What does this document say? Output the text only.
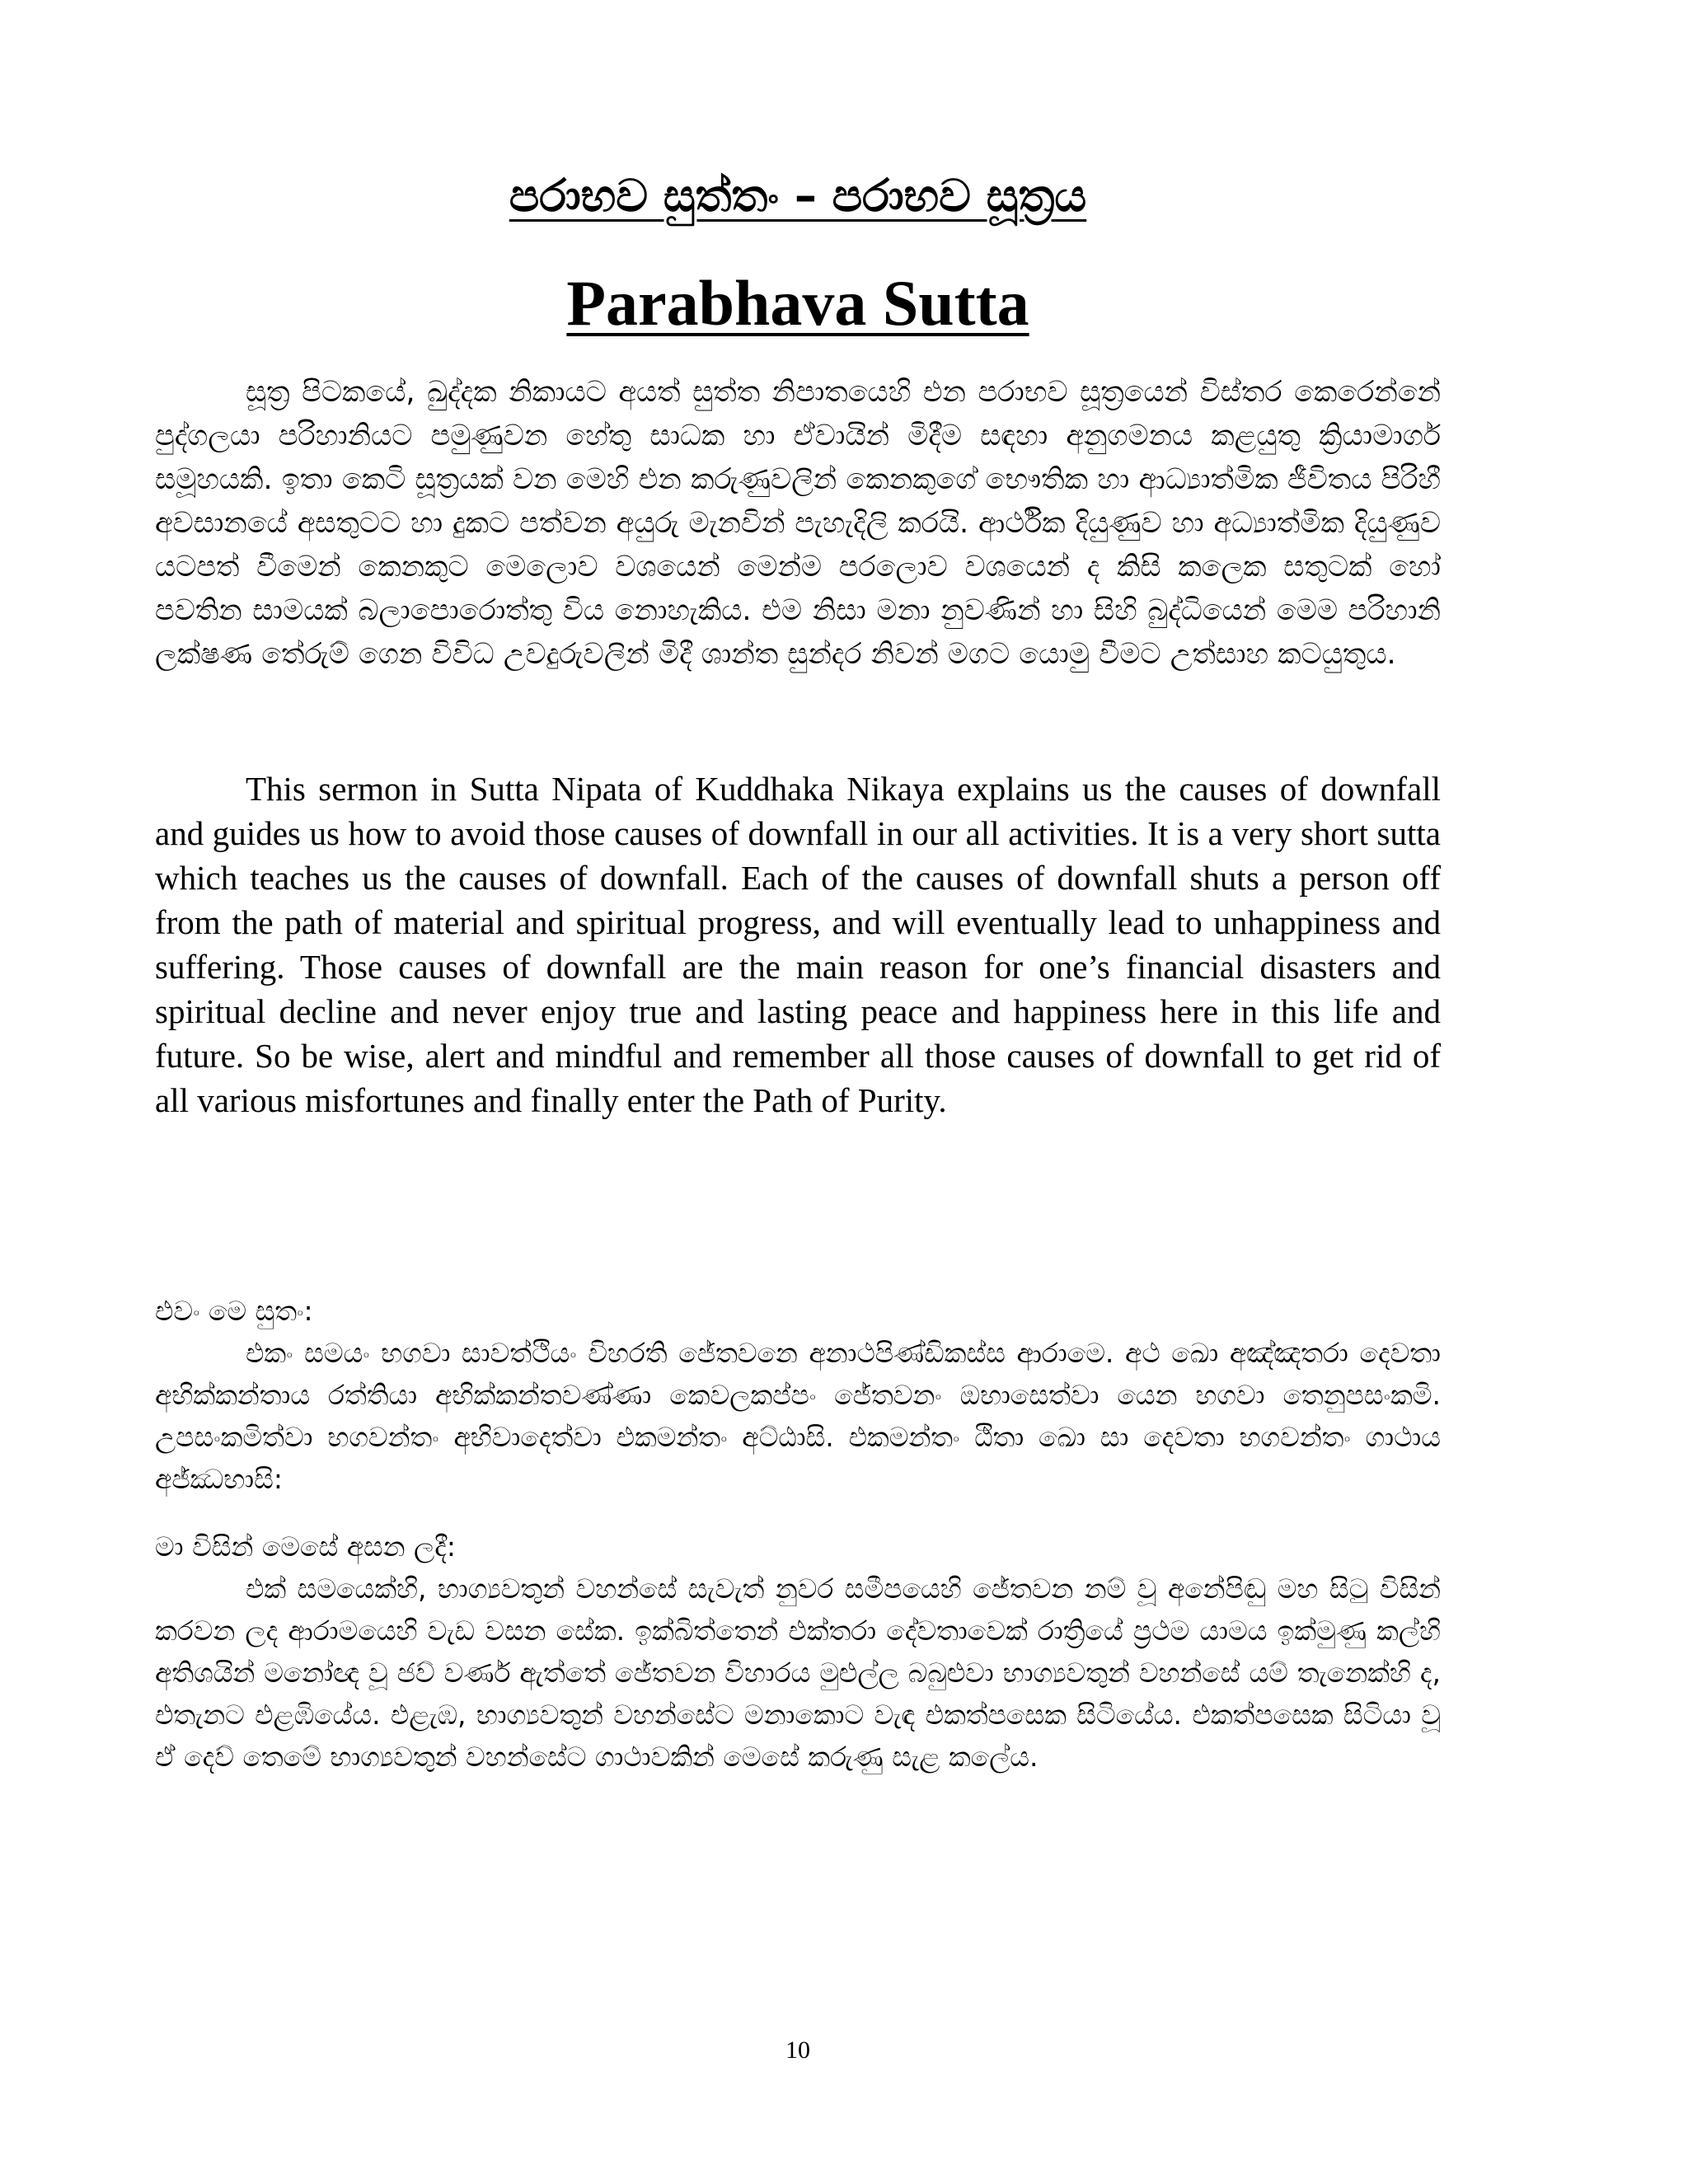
පරාභව සුත්තං – පරාභව සූත්‍රය
Parabhava Sutta

සූත්‍ර පිටකයේ, ඛුද්දක නිකායට අයත් සුත්ත නිපාතයෙහි එන පරාභව සූත්‍රයෙන් විස්තර කෙරෙන්නේ පුද්ගලයා පරිහානියට පමුණුවන හේතු සාධක හා ඒවායින් මිදීම සඳහා අනුගමනය කළයුතු ක්‍රියාමාර්ග සමූහයකි. ඉතා කෙටි සූත්‍රයක් වන මෙහි එන කරුණුවලින් කෙනකුගේ භෞතික හා ආධ්‍යාත්මික ජීවිතය පිරිහී අවසානයේ අසතුටට හා දුකට පත්වන අයුරු මැනවින් පැහැදිලි කරයි. ආර්ථික දියුණුව හා අධ්‍යාත්මික දියුණුව යටපත් වීමෙන් කෙනකුට මෙලොව වශයෙන් මෙන්ම පරලොව වශයෙන් ද කිසි කලෙක සතුටක් හෝ පවතින සාමයක් බලාපොරොත්තු විය නොහැකිය. එම නිසා මනා නුවණින් හා සිහි බුද්ධියෙන් මෙම පරිහානි ලක්ෂණ තේරුම් ගෙන විවිධ උවදුරුවලින් මිදී ශාන්ත සුන්දර නිවන් මගට යොමු වීමට උත්සාහ කටයුතුය.

This sermon in Sutta Nipata of Kuddhaka Nikaya explains us the causes of downfall and guides us how to avoid those causes of downfall in our all activities. It is a very short sutta which teaches us the causes of downfall. Each of the causes of downfall shuts a person off from the path of material and spiritual progress, and will eventually lead to unhappiness and suffering. Those causes of downfall are the main reason for one’s financial disasters and spiritual decline and never enjoy true and lasting peace and happiness here in this life and future. So be wise, alert and mindful and remember all those causes of downfall to get rid of all various misfortunes and finally enter the Path of Purity.

එවං මෙ සුතං:

එකං සමයං භගවා සාවත්ථියං විහරති ජේතවනෙ අනාථපිණ්ඩිකස්ස ආරාමෙ. අථ ඛො අඤ්ඤතරා දෙවතා අභික්කන්තාය රත්තියා අභික්කන්තවණ්ණා කෙවලකප්පං ජේතවනං ඔභාසෙත්වා යෙන භගවා තෙනුපසංකමි. උපසංකමිත්වා භගවන්තං අභිවාදෙත්වා එකමන්තං අට්ඨාසි. එකමන්තං ඨිතා ඛො සා දෙවතා භගවන්තං ගාථාය අජ්ඣභාසි:

මා විසින් මෙසේ අසන ලදී:

එක් සමයෙක්හි, භාග්‍යවතුන් වහන්සේ සැවැත් නුවර සමීපයෙහි ජේතවන නම් වූ අනේපිඬු මහ සිටු විසින් කරවන ලද ආරාමයෙහි වැඩ වසන සේක. ඉක්බිත්තෙන් එක්තරා දේවතාවෙක් රාත්‍රියේ ප්‍රථම යාමය ඉක්මුණු කල්හි අතිශයින් මනෝඥ වූ ජව් වර්ණ ඇත්තේ ජේතවන විහාරය මුළුල්ල බබුළුවා භාග්‍යවතුන් වහන්සේ යම් තැනෙක්හි ද, එතැනට එළඹියේය. එළැඹ, භාග්‍යවතුන් වහන්සේට මනාකොට වැඳ එකත්පසෙක සිටියේය. එකත්පසෙක සිටියා වූ ඒ දෙව් තෙමේ භාග්‍යවතුන් වහන්සේට ගාථාවකින් මෙසේ කරුණු සැළ කලේය.

10
